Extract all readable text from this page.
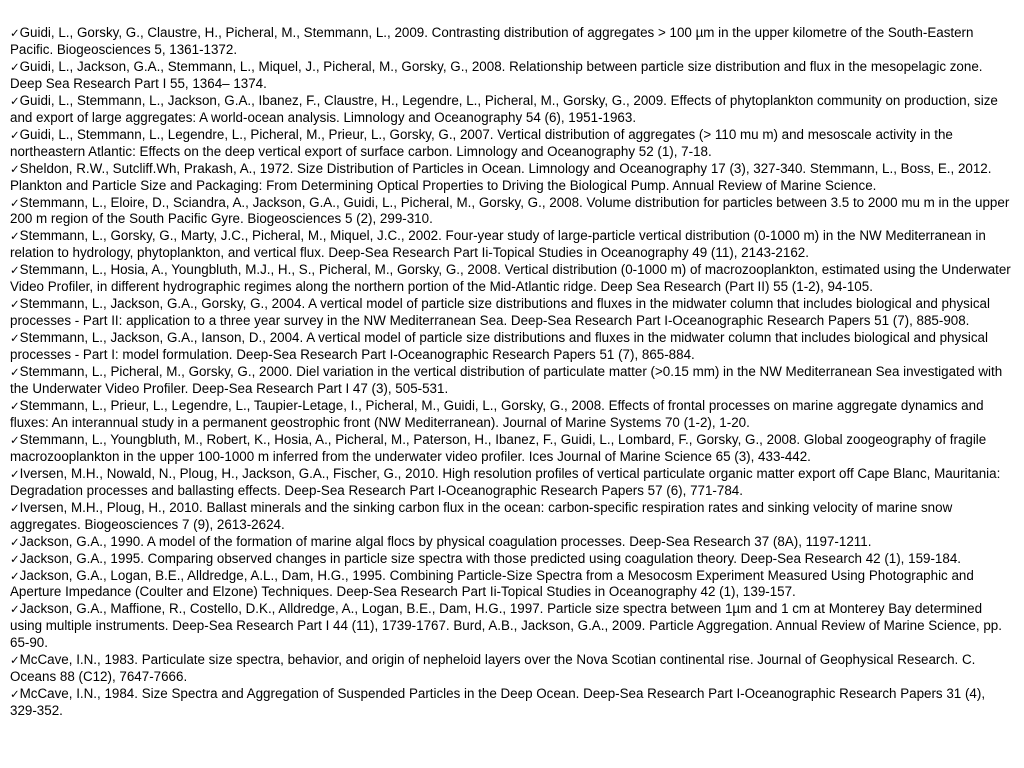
✓Guidi, L., Gorsky, G., Claustre, H., Picheral, M., Stemmann, L., 2009. Contrasting distribution of aggregates > 100 µm in the upper kilometre of the South-Eastern Pacific. Biogeosciences 5, 1361-1372.

✓Guidi, L., Jackson, G.A., Stemmann, L., Miquel, J., Picheral, M., Gorsky, G., 2008. Relationship between particle size distribution and flux in the mesopelagic zone. Deep Sea Research Part I 55, 1364– 1374.

✓Guidi, L., Stemmann, L., Jackson, G.A., Ibanez, F., Claustre, H., Legendre, L., Picheral, M., Gorsky, G., 2009. Effects of phytoplankton community on production, size and export of large aggregates: A world-ocean analysis. Limnology and Oceanography 54 (6), 1951-1963.

✓Guidi, L., Stemmann, L., Legendre, L., Picheral, M., Prieur, L., Gorsky, G., 2007. Vertical distribution of aggregates (> 110 mu m) and mesoscale activity in the northeastern Atlantic: Effects on the deep vertical export of surface carbon. Limnology and Oceanography 52 (1), 7-18.

✓Sheldon, R.W., Sutcliff.Wh, Prakash, A., 1972. Size Distribution of Particles in Ocean. Limnology and Oceanography 17 (3), 327-340. Stemmann, L., Boss, E., 2012. Plankton and Particle Size and Packaging: From Determining Optical Properties to Driving the Biological Pump. Annual Review of Marine Science.

✓Stemmann, L., Eloire, D., Sciandra, A., Jackson, G.A., Guidi, L., Picheral, M., Gorsky, G., 2008. Volume distribution for particles between 3.5 to 2000 mu m in the upper 200 m region of the South Pacific Gyre. Biogeosciences 5 (2), 299-310.

✓Stemmann, L., Gorsky, G., Marty, J.C., Picheral, M., Miquel, J.C., 2002. Four-year study of large-particle vertical distribution (0-1000 m) in the NW Mediterranean in relation to hydrology, phytoplankton, and vertical flux. Deep-Sea Research Part Ii-Topical Studies in Oceanography 49 (11), 2143-2162.

✓Stemmann, L., Hosia, A., Youngbluth, M.J., H., S., Picheral, M., Gorsky, G., 2008. Vertical distribution (0-1000 m) of macrozooplankton, estimated using the Underwater Video Profiler, in different hydrographic regimes along the northern portion of the Mid-Atlantic ridge. Deep Sea Research (Part II) 55 (1-2), 94-105.

✓Stemmann, L., Jackson, G.A., Gorsky, G., 2004. A vertical model of particle size distributions and fluxes in the midwater column that includes biological and physical processes - Part II: application to a three year survey in the NW Mediterranean Sea. Deep-Sea Research Part I-Oceanographic Research Papers 51 (7), 885-908.

✓Stemmann, L., Jackson, G.A., Ianson, D., 2004. A vertical model of particle size distributions and fluxes in the midwater column that includes biological and physical processes - Part I: model formulation. Deep-Sea Research Part I-Oceanographic Research Papers 51 (7), 865-884.

✓Stemmann, L., Picheral, M., Gorsky, G., 2000. Diel variation in the vertical distribution of particulate matter (>0.15 mm) in the NW Mediterranean Sea investigated with the Underwater Video Profiler. Deep-Sea Research Part I 47 (3), 505-531.

✓Stemmann, L., Prieur, L., Legendre, L., Taupier-Letage, I., Picheral, M., Guidi, L., Gorsky, G., 2008. Effects of frontal processes on marine aggregate dynamics and fluxes: An interannual study in a permanent geostrophic front (NW Mediterranean). Journal of Marine Systems 70 (1-2), 1-20.

✓Stemmann, L., Youngbluth, M., Robert, K., Hosia, A., Picheral, M., Paterson, H., Ibanez, F., Guidi, L., Lombard, F., Gorsky, G., 2008. Global zoogeography of fragile macrozooplankton in the upper 100-1000 m inferred from the underwater video profiler. Ices Journal of Marine Science 65 (3), 433-442.

✓Iversen, M.H., Nowald, N., Ploug, H., Jackson, G.A., Fischer, G., 2010. High resolution profiles of vertical particulate organic matter export off Cape Blanc, Mauritania: Degradation processes and ballasting effects. Deep-Sea Research Part I-Oceanographic Research Papers 57 (6), 771-784.

✓Iversen, M.H., Ploug, H., 2010. Ballast minerals and the sinking carbon flux in the ocean: carbon-specific respiration rates and sinking velocity of marine snow aggregates. Biogeosciences 7 (9), 2613-2624.

✓Jackson, G.A., 1990. A model of the formation of marine algal flocs by physical coagulation processes. Deep-Sea Research 37 (8A), 1197-1211.

✓Jackson, G.A., 1995. Comparing observed changes in particle size spectra with those predicted using coagulation theory. Deep-Sea Research 42 (1), 159-184.

✓Jackson, G.A., Logan, B.E., Alldredge, A.L., Dam, H.G., 1995. Combining Particle-Size Spectra from a Mesocosm Experiment Measured Using Photographic and Aperture Impedance (Coulter and Elzone) Techniques. Deep-Sea Research Part Ii-Topical Studies in Oceanography 42 (1), 139-157.

✓Jackson, G.A., Maffione, R., Costello, D.K., Alldredge, A., Logan, B.E., Dam, H.G., 1997. Particle size spectra between 1µm and 1 cm at Monterey Bay determined using multiple instruments. Deep-Sea Research Part I 44 (11), 1739-1767. Burd, A.B., Jackson, G.A., 2009. Particle Aggregation. Annual Review of Marine Science, pp. 65-90.

✓McCave, I.N., 1983. Particulate size spectra, behavior, and origin of nepheloid layers over the Nova Scotian continental rise. Journal of Geophysical Research. C. Oceans 88 (C12), 7647-7666.

✓McCave, I.N., 1984. Size Spectra and Aggregation of Suspended Particles in the Deep Ocean. Deep-Sea Research Part I-Oceanographic Research Papers 31 (4), 329-352.
